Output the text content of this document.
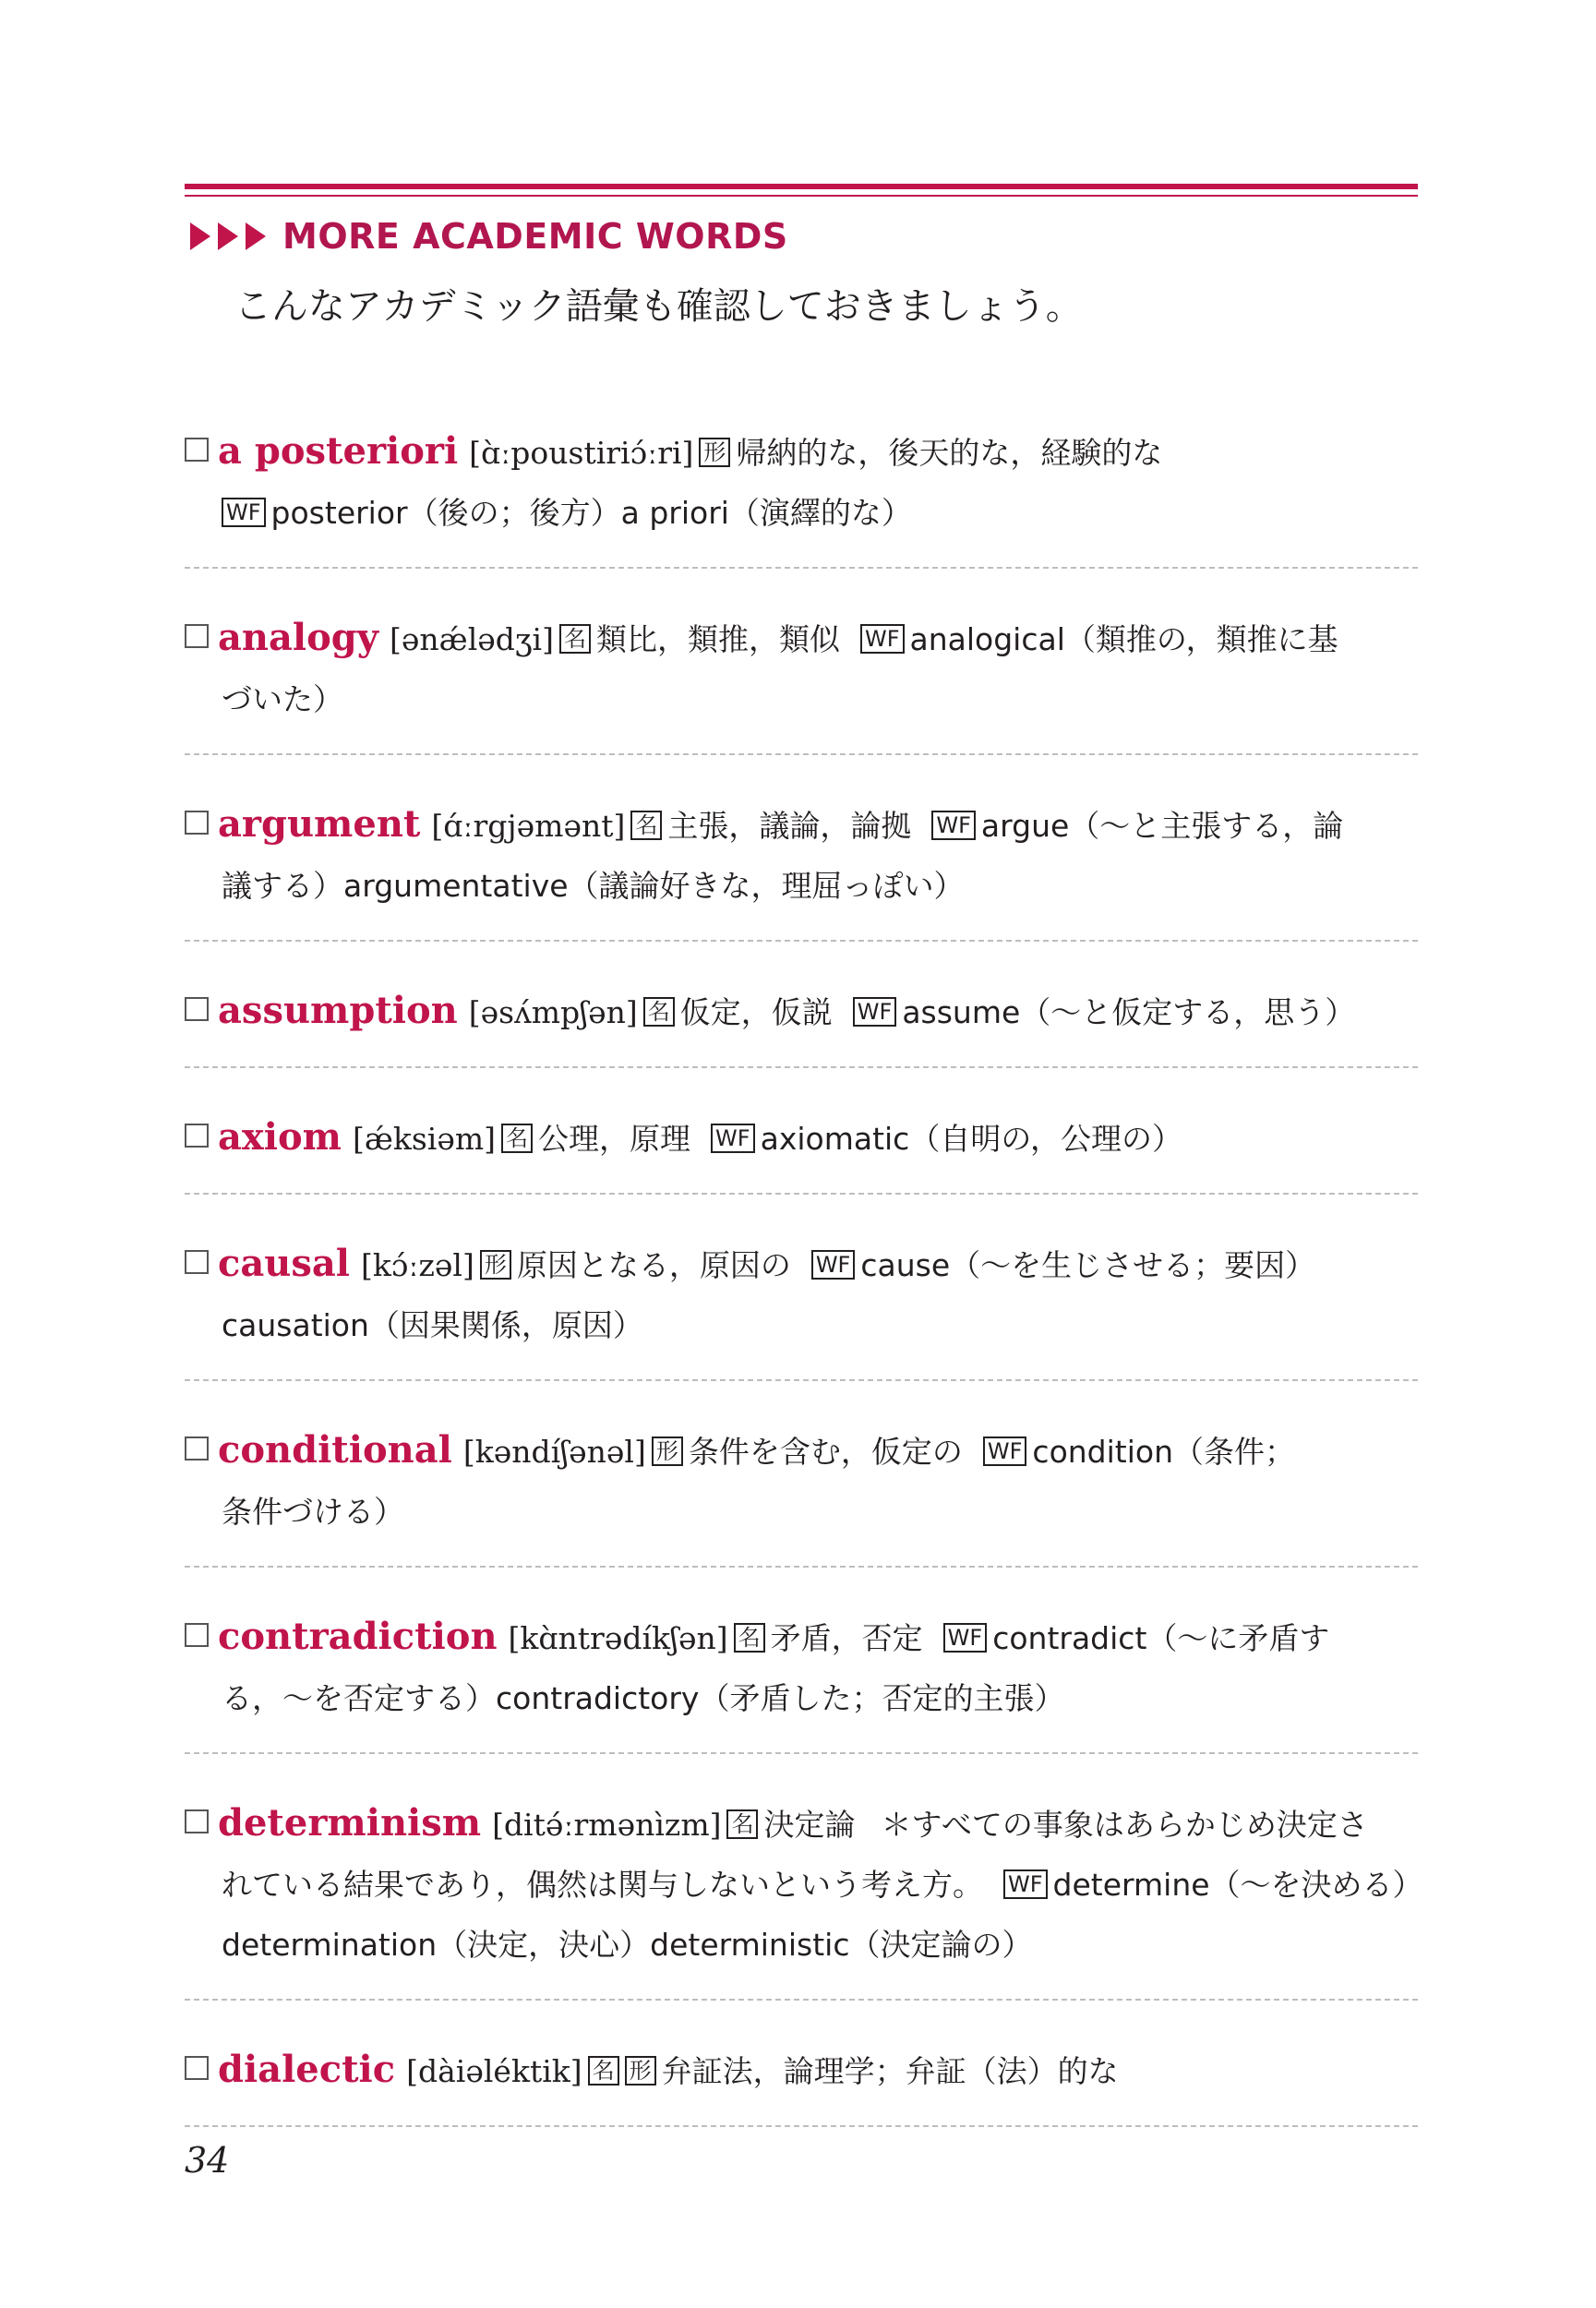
MORE ACADEMIC WORDS
こんなアカデミック語彙も確認しておきましょう。
a posteriori [ɑ̀ːpoustiriɔ́ːri] 形 帰納的な，後天的な，経験的な
WF posterior（後の；後方）a priori（演繹的な）
analogy [ənǽlədʒi] 名 類比，類推，類似 WF analogical（類推の，類推に基
づいた）
argument [ɑ́ːrgjəmənt] 名 主張，議論，論拠 WF argue（〜と主張する，論
議する）argumentative（議論好きな，理屈っぽい）
assumption [əsʌ́mpʃən] 名 仮定，仮説 WF assume（〜と仮定する，思う）
axiom [ǽksiəm] 名 公理，原理 WF axiomatic（自明の，公理の）
causal [kɔ́ːzəl] 形 原因となる，原因の WF cause（〜を生じさせる；要因）
causation（因果関係，原因）
conditional [kəndíʃənəl] 形 条件を含む，仮定の WF condition（条件；
条件づける）
contradiction [kɑ̀ntrədíkʃən] 名 矛盾，否定 WF contradict（〜に矛盾す
る，〜を否定する）contradictory（矛盾した；否定的主張）
determinism [ditə́ːrmənìzm] 名 決定論 ＊すべての事象はあらかじめ決定さ
れている結果であり，偶然は関与しないという考え方。 WF determine（〜を決める）
determination（決定，決心）deterministic（決定論の）
dialectic [dàiəléktik] 名 形 弁証法，論理学；弁証（法）的な
34
